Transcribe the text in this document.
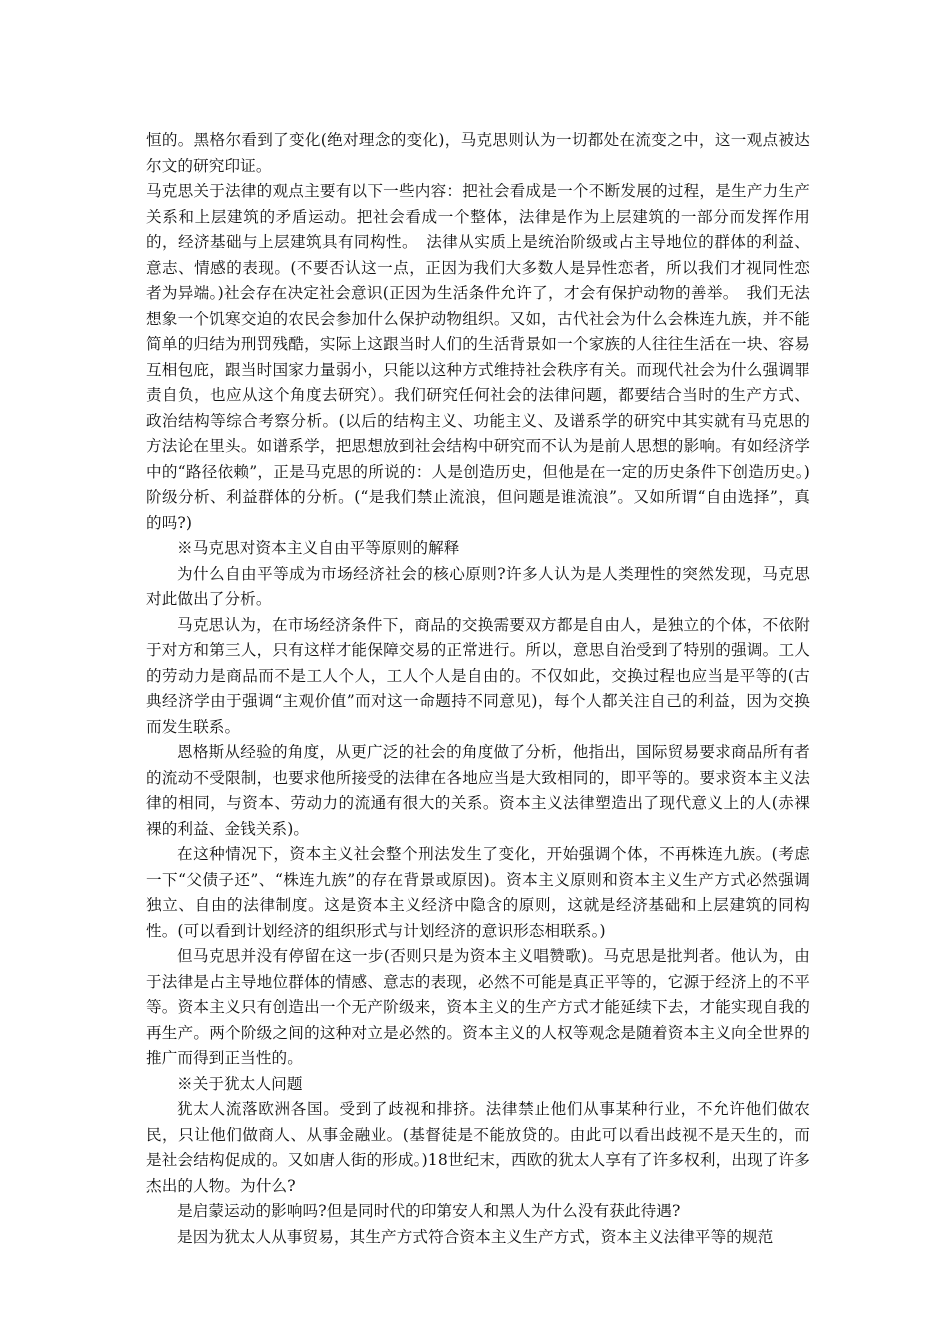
恒的。黑格尔看到了变化(绝对理念的变化)，马克思则认为一切都处在流变之中，这一观点被达尔文的研究印证。

马克思关于法律的观点主要有以下一些内容：把社会看成是一个不断发展的过程，是生产力生产关系和上层建筑的矛盾运动。把社会看成一个整体，法律是作为上层建筑的一部分而发挥作用的，经济基础与上层建筑具有同构性。　法律从实质上是统治阶级或占主导地位的群体的利益、意志、情感的表现。(不要否认这一点，正因为我们大多数人是异性恋者，所以我们才视同性恋者为异端。)社会存在决定社会意识(正因为生活条件允许了，才会有保护动物的善举。　我们无法想象一个饥寒交迫的农民会参加什么保护动物组织。又如，古代社会为什么会株连九族，并不能简单的归结为刑罚残酷，实际上这跟当时人们的生活背景如一个家族的人往往生活在一块、容易互相包庇，跟当时国家力量弱小，只能以这种方式维持社会秩序有关。而现代社会为什么强调罪责自负，也应从这个角度去研究）。我们研究任何社会的法律问题，都要结合当时的生产方式、政治结构等综合考察分析。(以后的结构主义、功能主义、及谱系学的研究中其实就有马克思的方法论在里头。如谱系学，把思想放到社会结构中研究而不认为是前人思想的影响。有如经济学中的“路径依赖”，正是马克思的所说的：人是创造历史，但他是在一定的历史条件下创造历史。)阶级分析、利益群体的分析。(“是我们禁止流浪，但问题是谁流浪”。又如所谓“自由选择”，真的吗?)

※马克思对资本主义自由平等原则的解释

为什么自由平等成为市场经济社会的核心原则?许多人认为是人类理性的突然发现，马克思对此做出了分析。

马克思认为，在市场经济条件下，商品的交换需要双方都是自由人，是独立的个体，不依附于对方和第三人，只有这样才能保障交易的正常进行。所以，意思自治受到了特别的强调。工人的劳动力是商品而不是工人个人，工人个人是自由的。不仅如此，交换过程也应当是平等的(古典经济学由于强调“主观价值”而对这一命题持不同意见)，每个人都关注自己的利益，因为交换而发生联系。

恩格斯从经验的角度，从更广泛的社会的角度做了分析，他指出，国际贸易要求商品所有者的流动不受限制，也要求他所接受的法律在各地应当是大致相同的，即平等的。要求资本主义法律的相同，与资本、劳动力的流通有很大的关系。资本主义法律塑造出了现代意义上的人(赤裸裸的利益、金钱关系)。

在这种情况下，资本主义社会整个刑法发生了变化，开始强调个体，不再株连九族。(考虑一下“父债子还”、“株连九族”的存在背景或原因)。资本主义原则和资本主义生产方式必然强调独立、自由的法律制度。这是资本主义经济中隐含的原则，这就是经济基础和上层建筑的同构性。(可以看到计划经济的组织形式与计划经济的意识形态相联系。)

但马克思并没有停留在这一步(否则只是为资本主义唱赞歌)。马克思是批判者。他认为，由于法律是占主导地位群体的情感、意志的表现，必然不可能是真正平等的，它源于经济上的不平等。资本主义只有创造出一个无产阶级来，资本主义的生产方式才能延续下去，才能实现自我的再生产。两个阶级之间的这种对立是必然的。资本主义的人权等观念是随着资本主义向全世界的推广而得到正当性的。

※关于犹太人问题

犹太人流落欧洲各国。受到了歧视和排挤。法律禁止他们从事某种行业，不允许他们做农民，只让他们做商人、从事金融业。(基督徒是不能放贷的。由此可以看出歧视不是天生的，而是社会结构促成的。又如唐人街的形成。)18世纪末，西欧的犹太人享有了许多权利，出现了许多杰出的人物。为什么?

是启蒙运动的影响吗?但是同时代的印第安人和黑人为什么没有获此待遇?

是因为犹太人从事贸易，其生产方式符合资本主义生产方式，资本主义法律平等的规范
